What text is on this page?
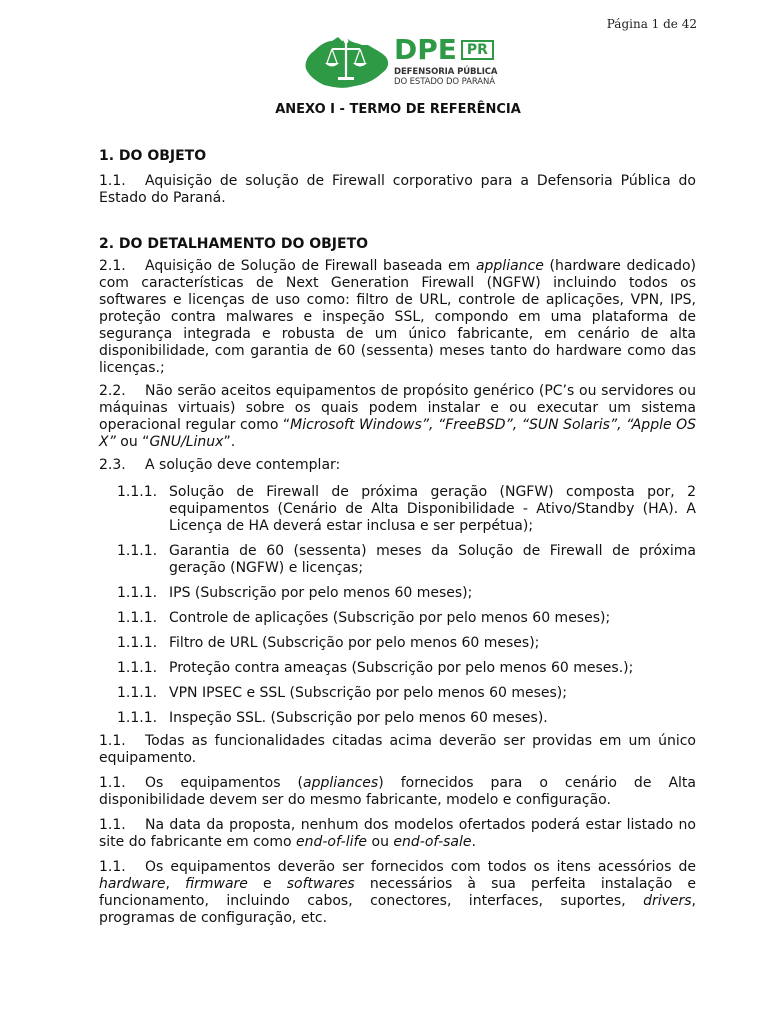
Página 1 de 42
DPE PR
DEFENSORIA PÚBLICA
DO ESTADO DO PARANÁ
ANEXO I - TERMO DE REFERÊNCIA
1. DO OBJETO

1.1. Aquisição de solução de Firewall corporativo para a Defensoria Pública do Estado do Paraná.

2. DO DETALHAMENTO DO OBJETO

2.1. Aquisição de Solução de Firewall baseada em appliance (hardware dedicado) com características de Next Generation Firewall (NGFW) incluindo todos os softwares e licenças de uso como: filtro de URL, controle de aplicações, VPN, IPS, proteção contra malwares e inspeção SSL, compondo em uma plataforma de segurança integrada e robusta de um único fabricante, em cenário de alta disponibilidade, com garantia de 60 (sessenta) meses tanto do hardware como das licenças.;

2.2. Não serão aceitos equipamentos de propósito genérico (PC’s ou servidores ou máquinas virtuais) sobre os quais podem instalar e ou executar um sistema operacional regular como “Microsoft Windows”, “FreeBSD”, “SUN Solaris”, “Apple OS X” ou “GNU/Linux”.

2.3. A solução deve contemplar:

1.1.1. Solução de Firewall de próxima geração (NGFW) composta por, 2 equipamentos (Cenário de Alta Disponibilidade - Ativo/Standby (HA). A Licença de HA deverá estar inclusa e ser perpétua);
1.1.1. Garantia de 60 (sessenta) meses da Solução de Firewall de próxima geração (NGFW) e licenças;
1.1.1. IPS (Subscrição por pelo menos 60 meses);
1.1.1. Controle de aplicações (Subscrição por pelo menos 60 meses);
1.1.1. Filtro de URL (Subscrição por pelo menos 60 meses);
1.1.1. Proteção contra ameaças (Subscrição por pelo menos 60 meses.);
1.1.1. VPN IPSEC e SSL (Subscrição por pelo menos 60 meses);
1.1.1. Inspeção SSL. (Subscrição por pelo menos 60 meses).

1.1. Todas as funcionalidades citadas acima deverão ser providas em um único equipamento.

1.1. Os equipamentos (appliances) fornecidos para o cenário de Alta disponibilidade devem ser do mesmo fabricante, modelo e configuração.

1.1. Na data da proposta, nenhum dos modelos ofertados poderá estar listado no site do fabricante em como end-of-life ou end-of-sale.

1.1. Os equipamentos deverão ser fornecidos com todos os itens acessórios de hardware, firmware e softwares necessários à sua perfeita instalação e funcionamento, incluindo cabos, conectores, interfaces, suportes, drivers, programas de configuração, etc.
